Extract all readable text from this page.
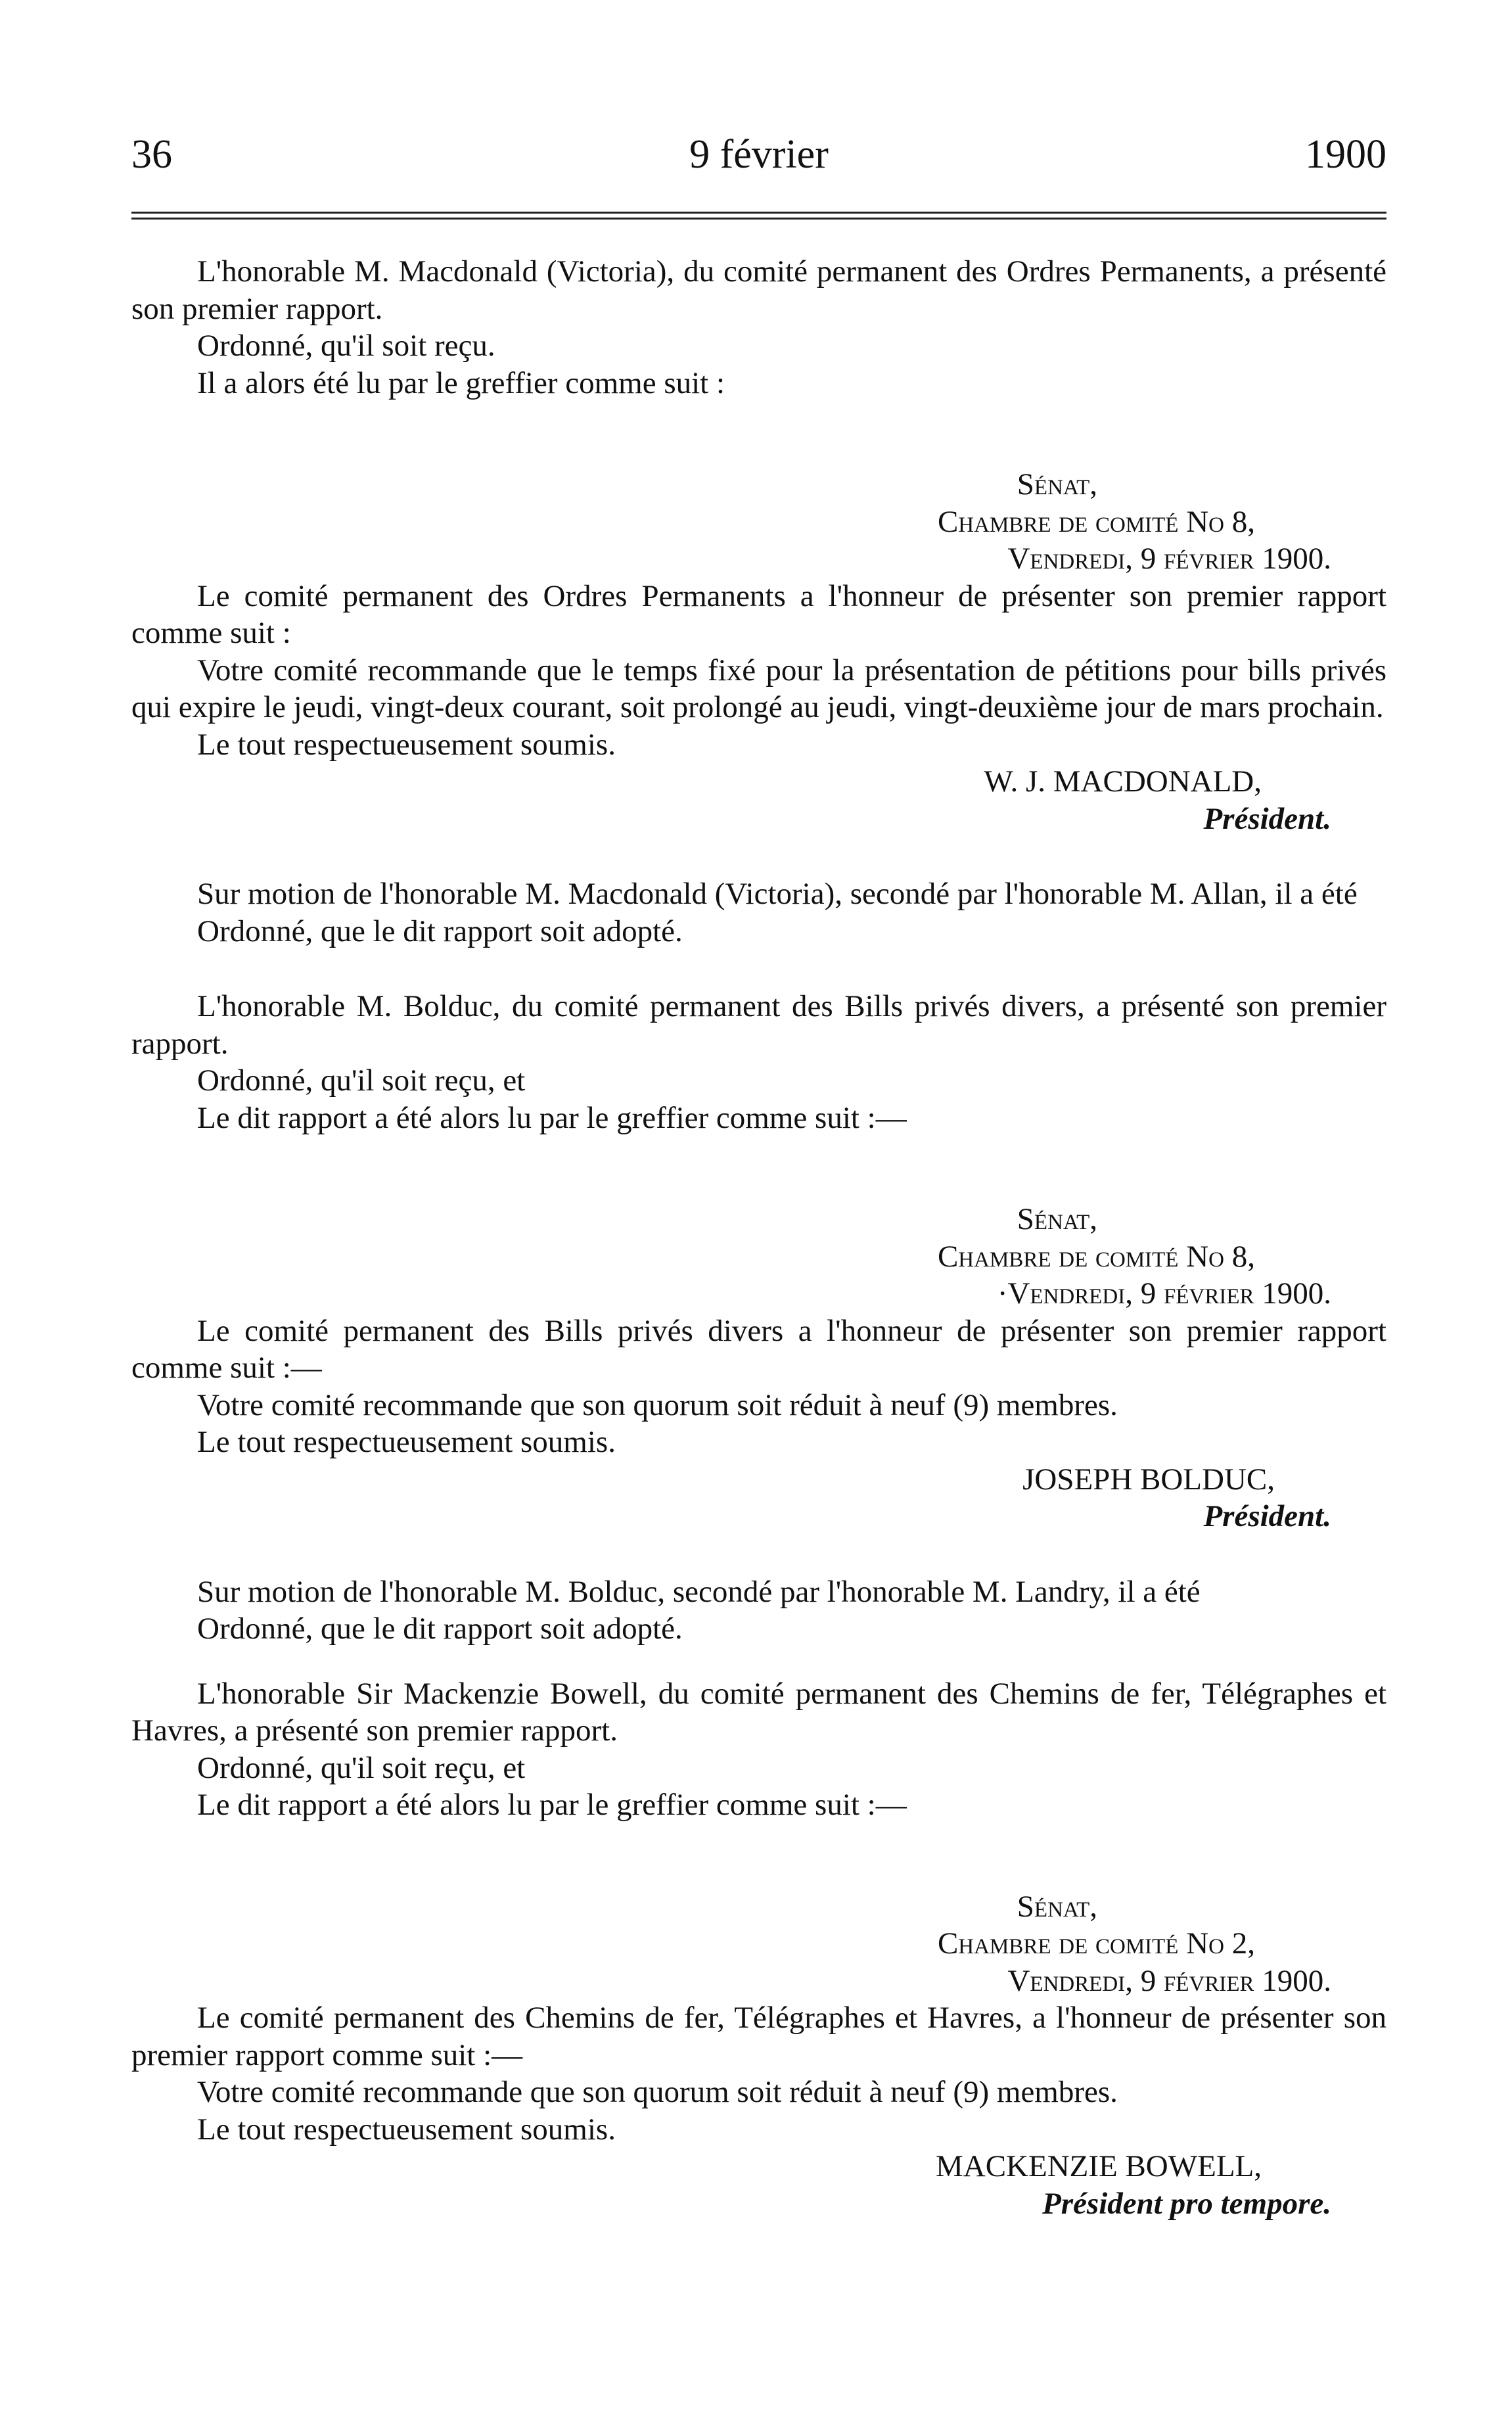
36	9 février	1900

L'honorable M. Macdonald (Victoria), du comité permanent des Ordres Permanents, a présenté son premier rapport.

Ordonné, qu'il soit reçu.

Il a alors été lu par le greffier comme suit :

Sénat,

Chambre de comité No 8,

Vendredi, 9 février 1900.

Le comité permanent des Ordres Permanents a l'honneur de présenter son premier rapport comme suit :

Votre comité recommande que le temps fixé pour la présentation de pétitions pour bills privés qui expire le jeudi, vingt-deux courant, soit prolongé au jeudi, vingt-deuxième jour de mars prochain.

Le tout respectueusement soumis.

W. J. MACDONALD,

Président.

Sur motion de l'honorable M. Macdonald (Victoria), secondé par l'honorable M. Allan, il a été

Ordonné, que le dit rapport soit adopté.

L'honorable M. Bolduc, du comité permanent des Bills privés divers, a présenté son premier rapport.

Ordonné, qu'il soit reçu, et

Le dit rapport a été alors lu par le greffier comme suit :—

Sénat,

Chambre de comité No 8,

·Vendredi, 9 février 1900.

Le comité permanent des Bills privés divers a l'honneur de présenter son premier rapport comme suit :—

Votre comité recommande que son quorum soit réduit à neuf (9) membres.

Le tout respectueusement soumis.

JOSEPH BOLDUC,

Président.

Sur motion de l'honorable M. Bolduc, secondé par l'honorable M. Landry, il a été

Ordonné, que le dit rapport soit adopté.

L'honorable Sir Mackenzie Bowell, du comité permanent des Chemins de fer, Télégraphes et Havres, a présenté son premier rapport.

Ordonné, qu'il soit reçu, et

Le dit rapport a été alors lu par le greffier comme suit :—

Sénat,

Chambre de comité No 2,

Vendredi, 9 février 1900.

Le comité permanent des Chemins de fer, Télégraphes et Havres, a l'honneur de présenter son premier rapport comme suit :—

Votre comité recommande que son quorum soit réduit à neuf (9) membres.

Le tout respectueusement soumis.

MACKENZIE BOWELL,

Président pro tempore.
